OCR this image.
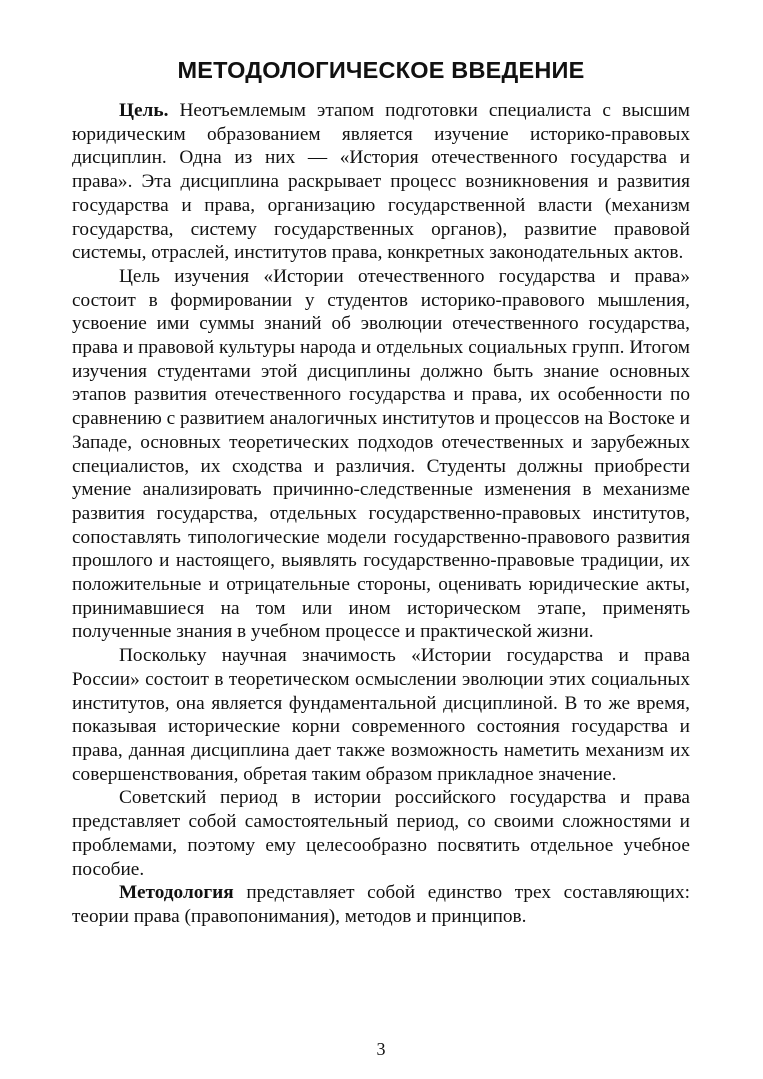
МЕТОДОЛОГИЧЕСКОЕ ВВЕДЕНИЕ

Цель. Неотъемлемым этапом подготовки специалиста с высшим юридическим образованием является изучение историко-правовых дисциплин. Одна из них — «История отечественного государства и права». Эта дисциплина раскрывает процесс возникновения и развития государства и права, организацию государственной власти (механизм государства, систему государственных органов), развитие правовой системы, отраслей, институтов права, конкретных законодательных актов.

Цель изучения «Истории отечественного государства и права» состоит в формировании у студентов историко-правового мышления, усвоение ими суммы знаний об эволюции отечественного государства, права и правовой культуры народа и отдельных социальных групп. Итогом изучения студентами этой дисциплины должно быть знание основных этапов развития отечественного государства и права, их особенности по сравнению с развитием аналогичных институтов и процессов на Востоке и Западе, основных теоретических подходов отечественных и зарубежных специалистов, их сходства и различия. Студенты должны приобрести умение анализировать причинно-следственные изменения в механизме развития государства, отдельных государственно-правовых институтов, сопоставлять типологические модели государственно-правового развития прошлого и настоящего, выявлять государственно-правовые традиции, их положительные и отрицательные стороны, оценивать юридические акты, принимавшиеся на том или ином историческом этапе, применять полученные знания в учебном процессе и практической жизни.

Поскольку научная значимость «Истории государства и права России» состоит в теоретическом осмыслении эволюции этих социальных институтов, она является фундаментальной дисциплиной. В то же время, показывая исторические корни современного состояния государства и права, данная дисциплина дает также возможность наметить механизм их совершенствования, обретая таким образом прикладное значение.

Советский период в истории российского государства и права представляет собой самостоятельный период, со своими сложностями и проблемами, поэтому ему целесообразно посвятить отдельное учебное пособие.

Методология представляет собой единство трех составляющих: теории права (правопонимания), методов и принципов.

3
